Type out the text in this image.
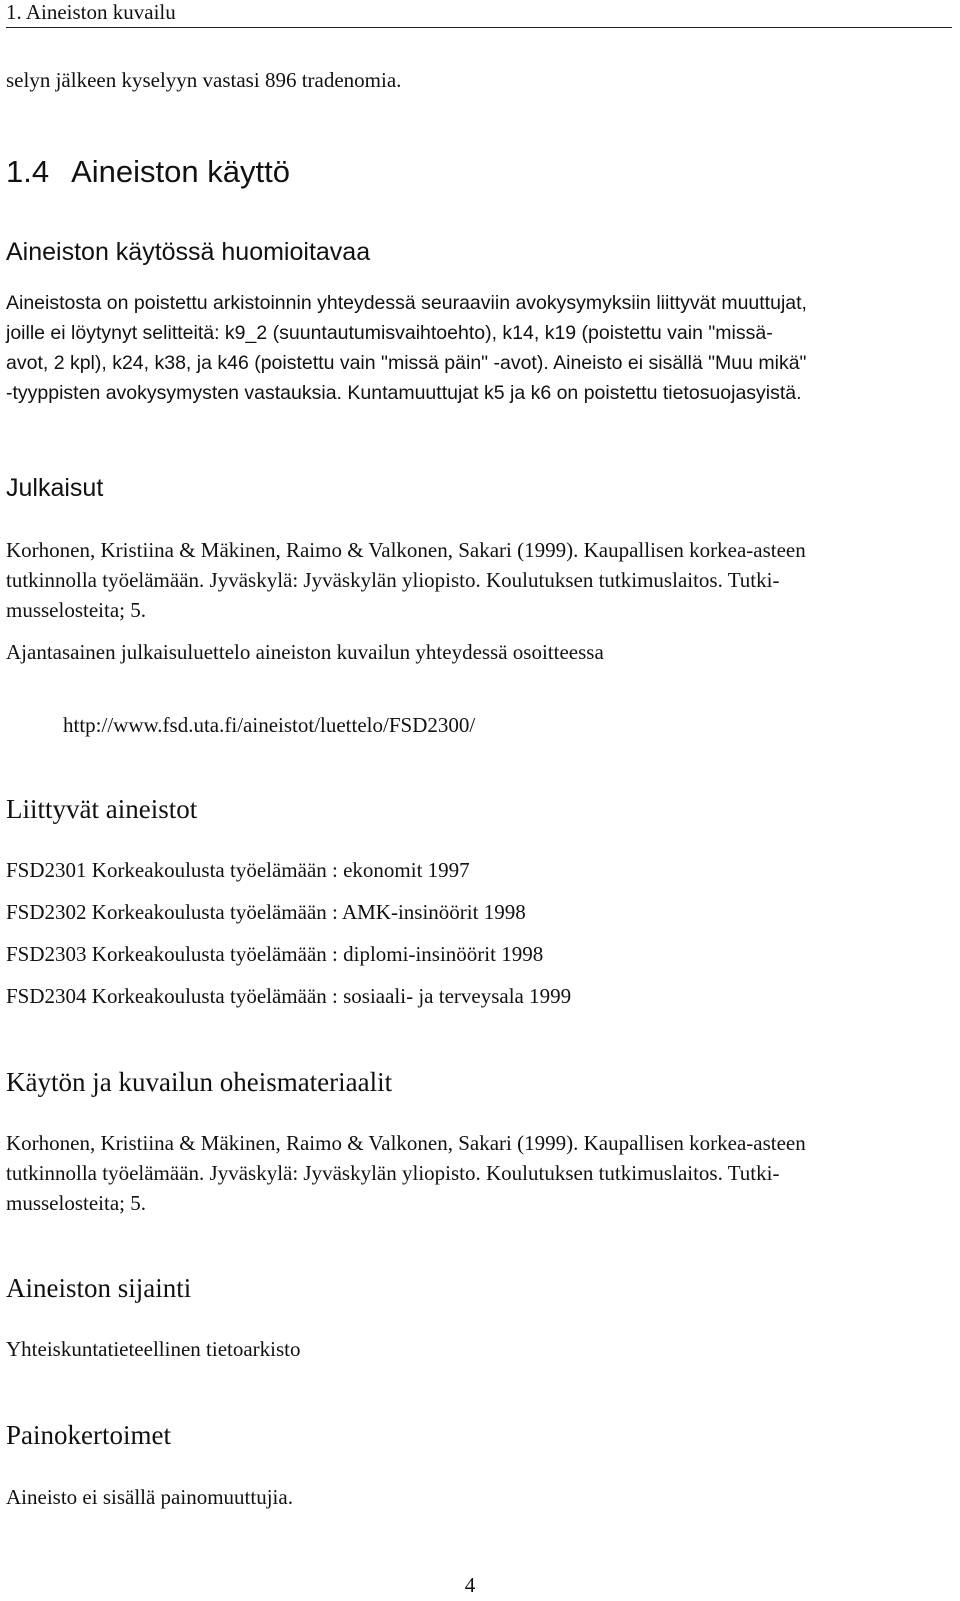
1. Aineiston kuvailu
selyn jälkeen kyselyyn vastasi 896 tradenomia.
1.4 Aineiston käyttö
Aineiston käytössä huomioitavaa
Aineistosta on poistettu arkistoinnin yhteydessä seuraaviin avokysymyksiin liittyvät muuttujat,
joille ei löytynyt selitteitä: k9_2 (suuntautumisvaihtoehto), k14, k19 (poistettu vain "missä-
avot, 2 kpl), k24, k38, ja k46 (poistettu vain "missä päin" -avot). Aineisto ei sisällä "Muu mikä"
-tyyppisten avokysymysten vastauksia. Kuntamuuttujat k5 ja k6 on poistettu tietosuojasyistä.
Julkaisut
Korhonen, Kristiina & Mäkinen, Raimo & Valkonen, Sakari (1999). Kaupallisen korkea-asteen
tutkinnolla työelämään. Jyväskylä: Jyväskylän yliopisto. Koulutuksen tutkimuslaitos. Tutki-
musselosteita; 5.
Ajantasainen julkaisuluettelo aineiston kuvailun yhteydessä osoitteessa
http://www.fsd.uta.fi/aineistot/luettelo/FSD2300/
Liittyvät aineistot
FSD2301 Korkeakoulusta työelämään : ekonomit 1997
FSD2302 Korkeakoulusta työelämään : AMK-insinöörit 1998
FSD2303 Korkeakoulusta työelämään : diplomi-insinöörit 1998
FSD2304 Korkeakoulusta työelämään : sosiaali- ja terveysala 1999
Käytön ja kuvailun oheismateriaalit
Korhonen, Kristiina & Mäkinen, Raimo & Valkonen, Sakari (1999). Kaupallisen korkea-asteen
tutkinnolla työelämään. Jyväskylä: Jyväskylän yliopisto. Koulutuksen tutkimuslaitos. Tutki-
musselosteita; 5.
Aineiston sijainti
Yhteiskuntatieteellinen tietoarkisto
Painokertoimet
Aineisto ei sisällä painomuuttujia.
4
